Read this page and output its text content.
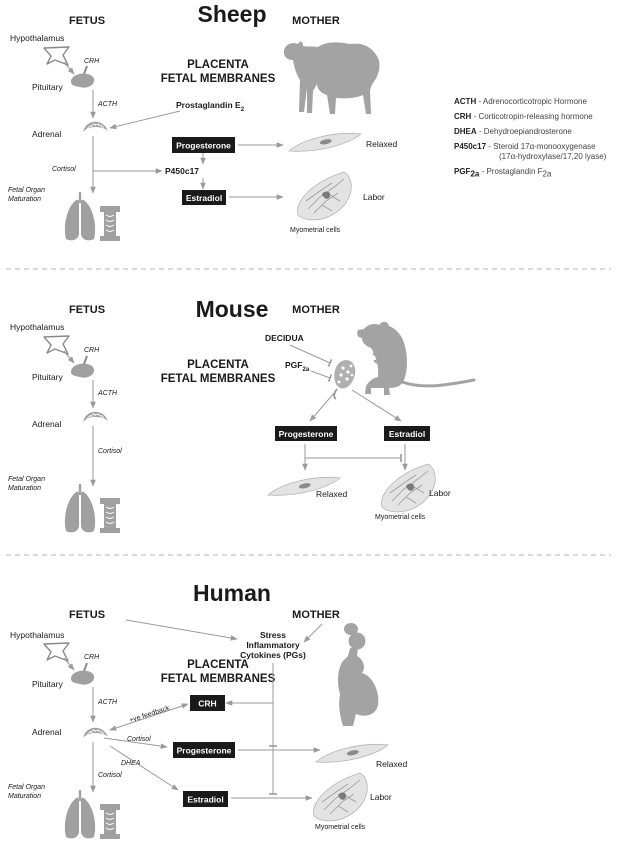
Sheep
FETUS	MOTHER
Hypothalamus
CRH
Pituitary
ACTH
Adrenal
Cortisol
Fetal Organ
Maturation
PLACENTA
FETAL MEMBRANES
Prostaglandin $E_2$
Progesterone
P450c17
Estradiol
Relaxed
Labor
Myometrial cells
ACTH - Adrenocorticotropic Hormone
CRH - Corticotropin-releasing hormone
DHEA - Dehydroepiandrosterone
P450c17 - Steroid 17α-monooxygenase
(17α-hydroxylase/17,20 lyase)
PGF2a - Prostaglandin F2a
Mouse
FETUS	MOTHER
Hypothalamus
CRH
Pituitary
ACTH
Adrenal
Cortisol
Fetal Organ
Maturation
PLACENTA
FETAL MEMBRANES
DECIDUA
$PGF_{2a}$
Progesterone	Estradiol
Relaxed	Labor
Myometrial cells
Human
FETUS	MOTHER
Hypothalamus
CRH
Pituitary
ACTH
Adrenal
Cortisol
Fetal Organ
Maturation
PLACENTA
FETAL MEMBRANES
Stress
Inflammatory
Cytokines (PGs)
CRH
+ve feedback
Cortisol
Progesterone
DHEA
Estradiol
Relaxed
Labor
Myometrial cells
